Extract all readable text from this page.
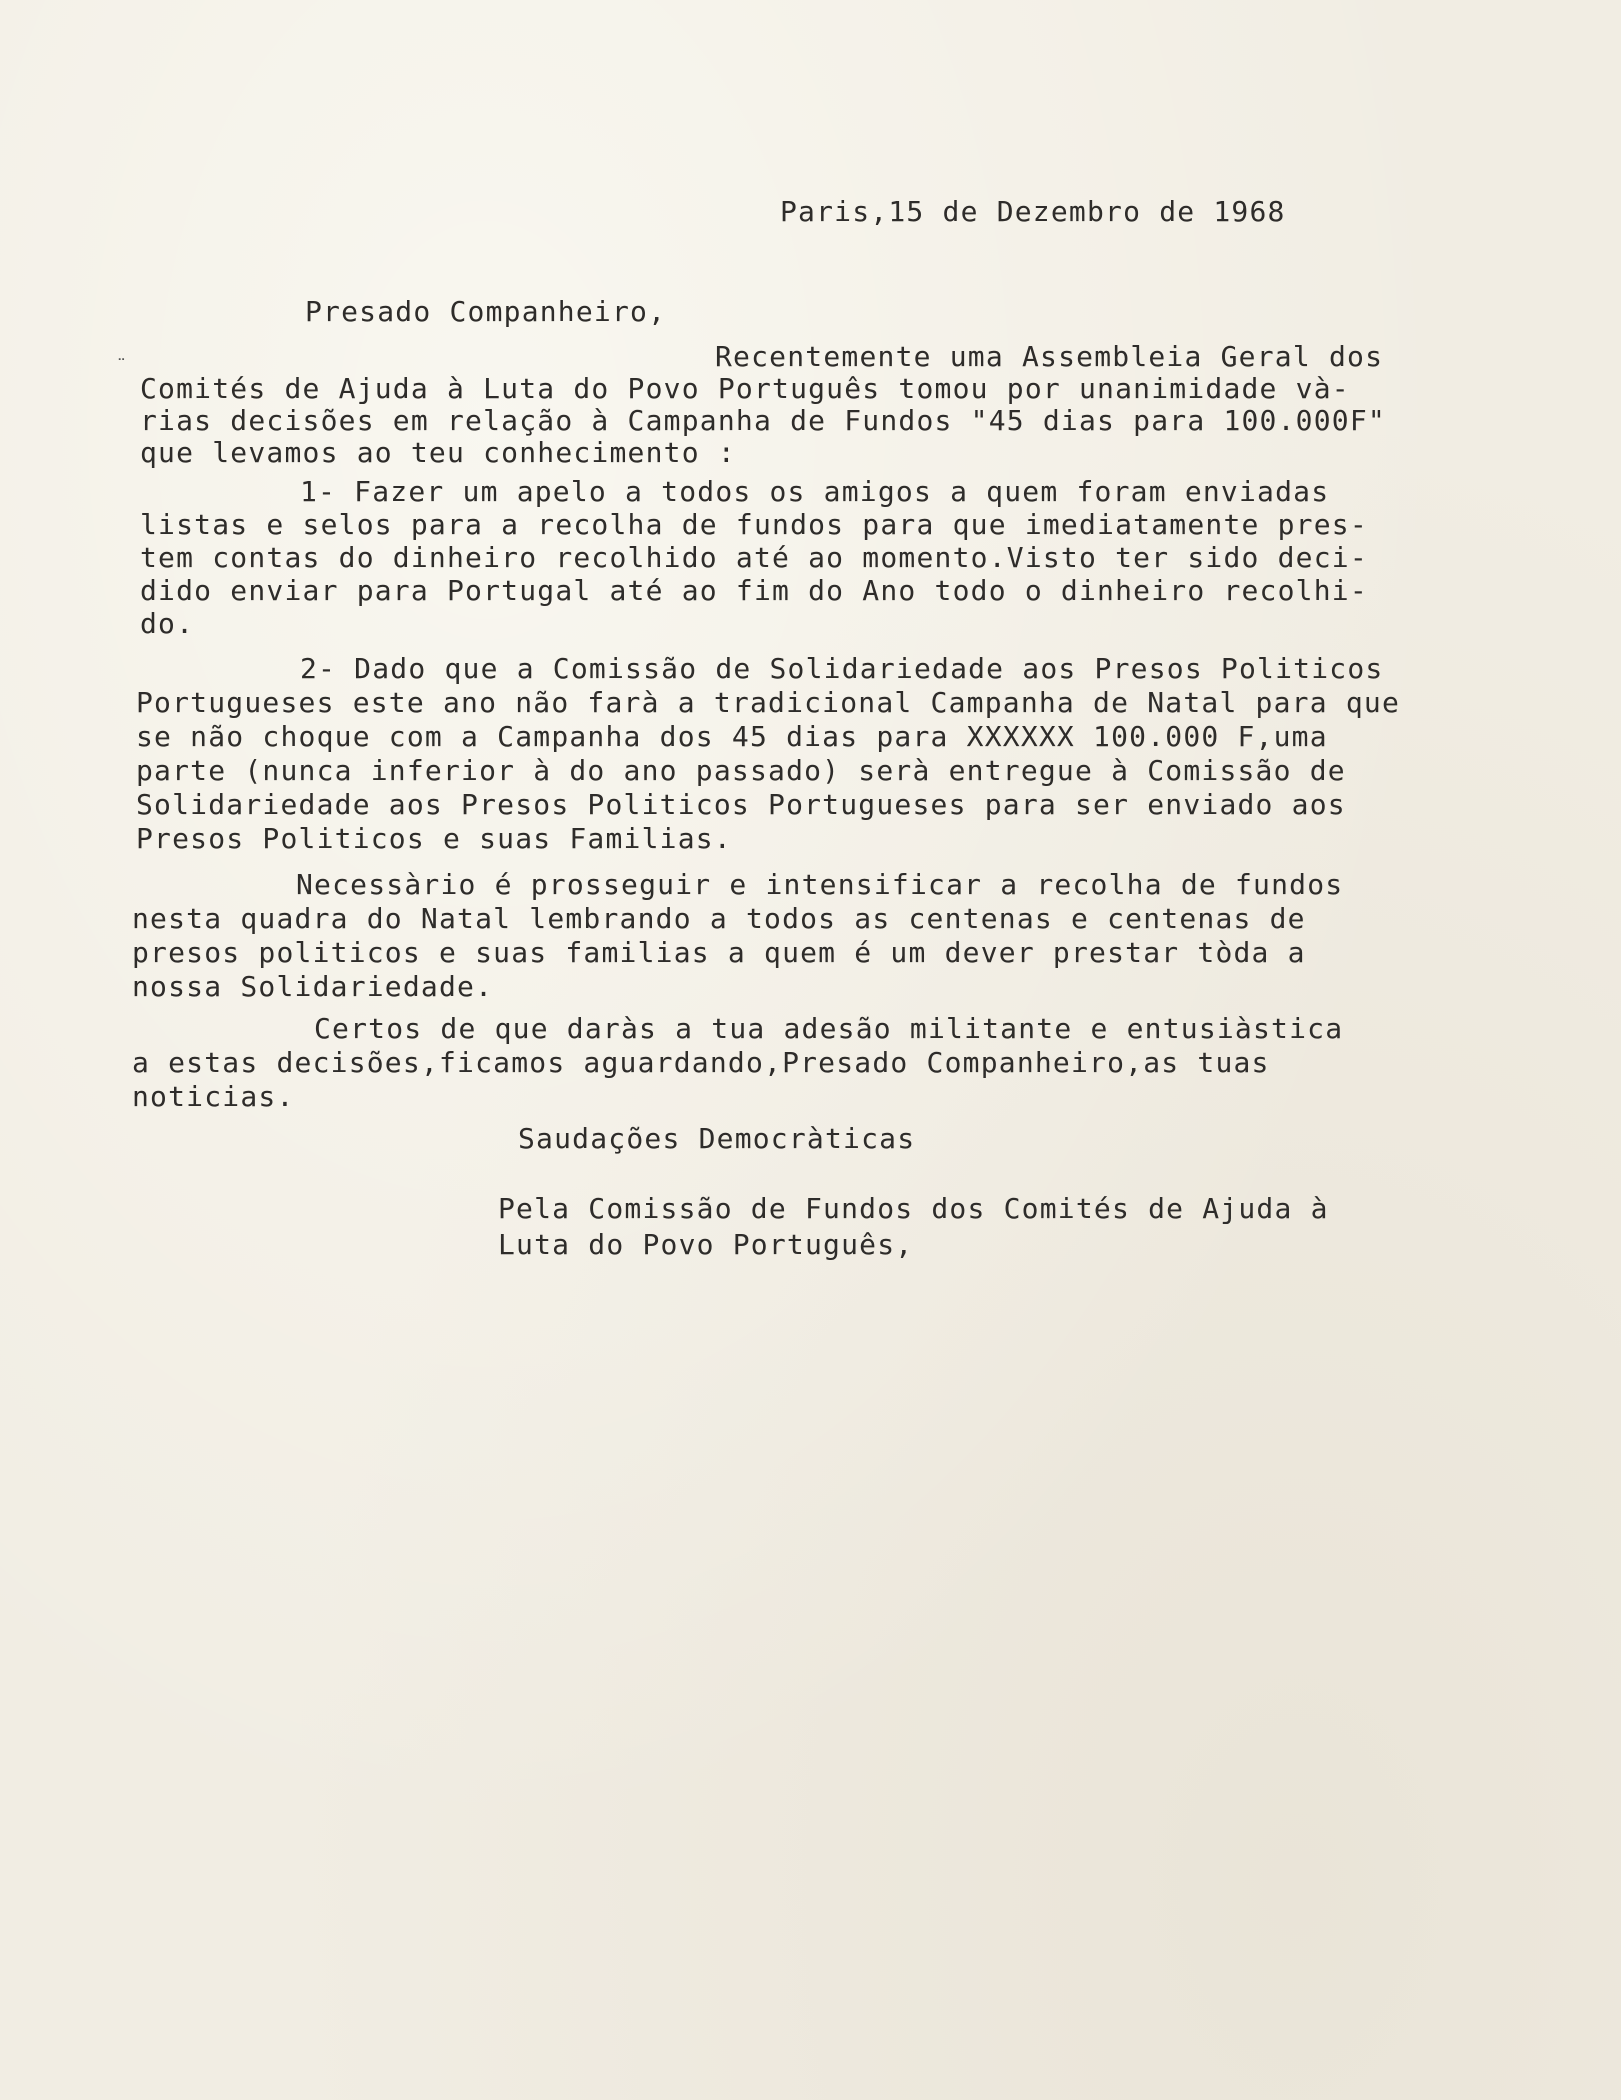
Paris,15 de Dezembro de 1968

Presado Companheiro,

¨	Recentemente uma Assembleia Geral dos

Comités de Ajuda à Luta do Povo Português tomou por unanimidade và-

rias decisões em relação à Campanha de Fundos "45 dias para 100.000F"

que levamos ao teu conhecimento :

1- Fazer um apelo a todos os amigos a quem foram enviadas

listas e selos para a recolha de fundos para que imediatamente pres-

tem contas do dinheiro recolhido até ao momento.Visto ter sido deci-

dido enviar para Portugal até ao fim do Ano todo o dinheiro recolhi-

do.

2- Dado que a Comissão de Solidariedade aos Presos Politicos

Portugueses este ano não farà a tradicional Campanha de Natal para que

se não choque com a Campanha dos 45 dias para XXXXXX 100.000 F,uma

parte (nunca inferior à do ano passado) serà entregue à Comissão de

Solidariedade aos Presos Politicos Portugueses para ser enviado aos

Presos Politicos e suas Familias.

Necessàrio é prosseguir e intensificar a recolha de fundos

nesta quadra do Natal lembrando a todos as centenas e centenas de

presos politicos e suas familias a quem é um dever prestar tòda a

nossa Solidariedade.

Certos de que daràs a tua adesão militante e entusiàstica

a estas decisões,ficamos aguardando,Presado Companheiro,as tuas

noticias.

Saudações Democràticas

Pela Comissão de Fundos dos Comités de Ajuda à

Luta do Povo Português,
